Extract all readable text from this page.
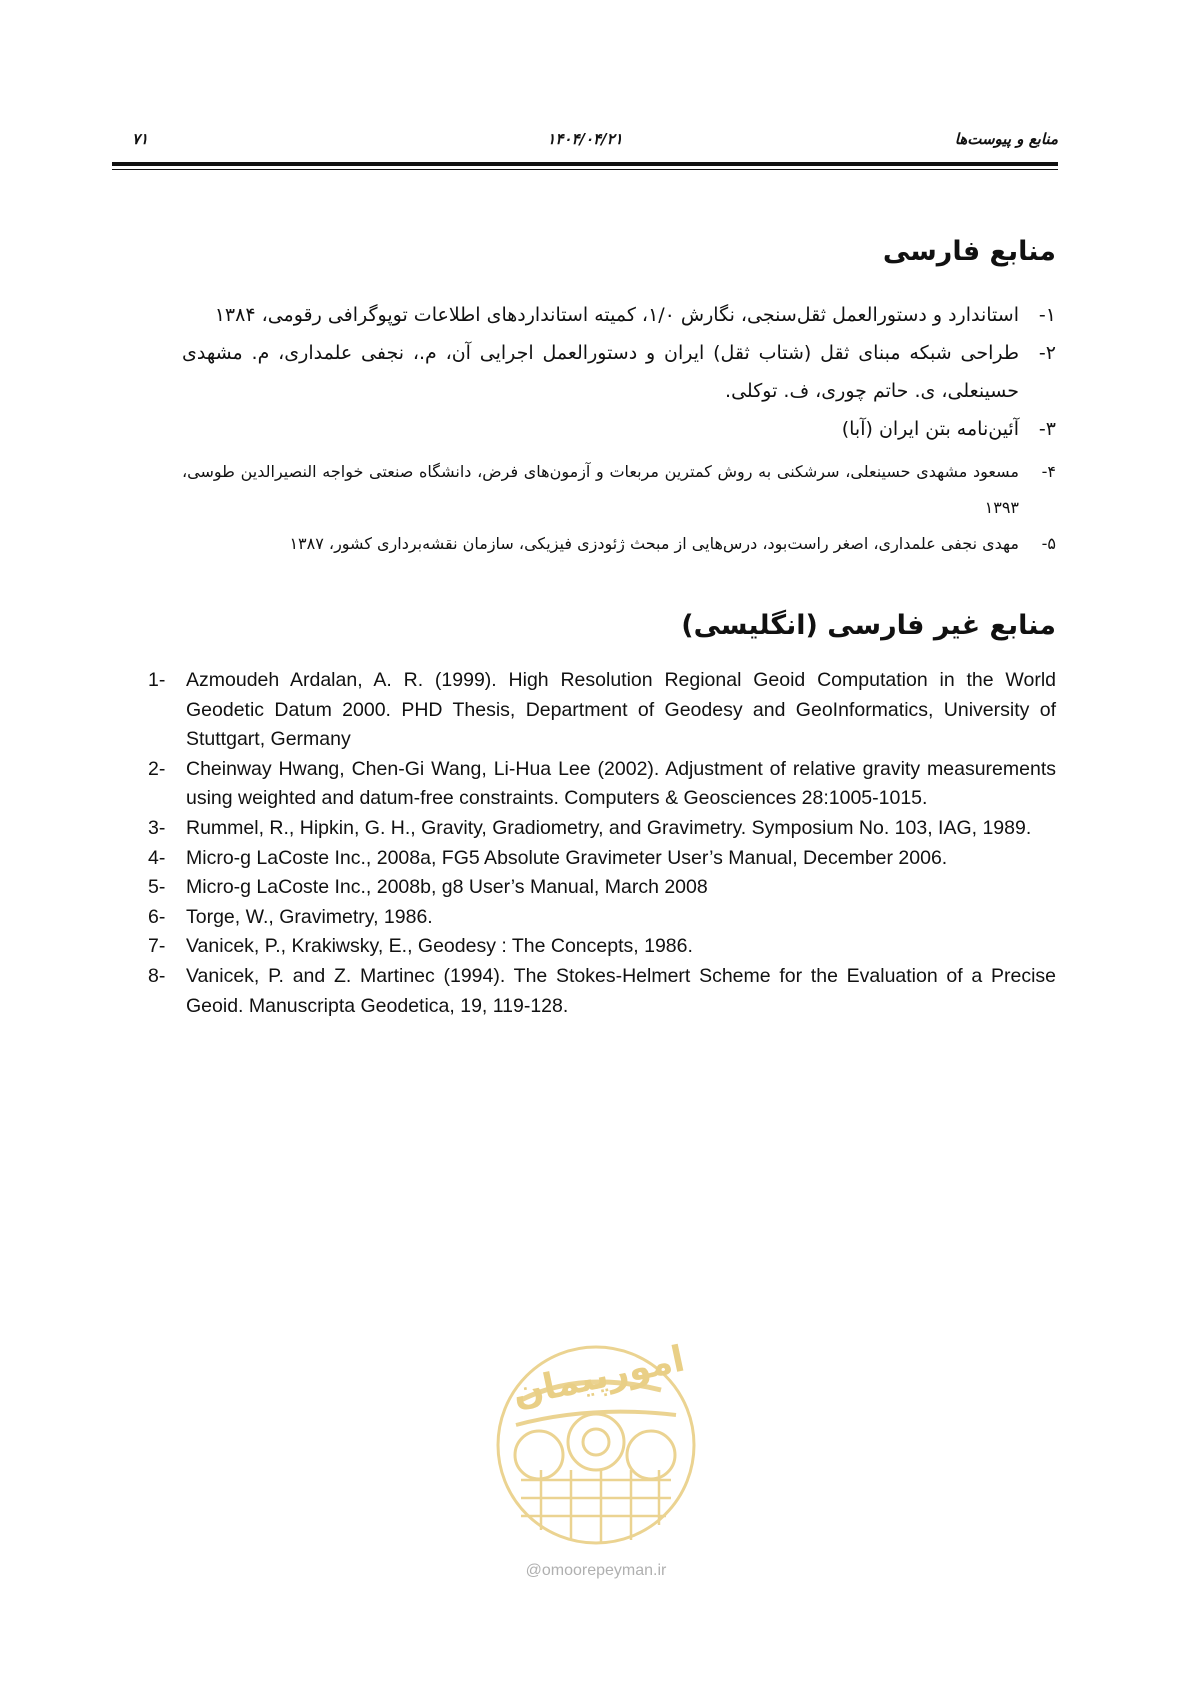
منابع و پیوست‌ها
۱۴۰۴/۰۴/۲۱
۷۱
منابع فارسی
۱-
استاندارد و دستورالعمل ثقل‌سنجی، نگارش ۱/۰، کمیته استانداردهای اطلاعات توپوگرافی رقومی، ۱۳۸۴
۲-
طراحی شبکه مبنای ثقل (شتاب ثقل) ایران و دستورالعمل اجرایی آن، م.، نجفی علمداری، م. مشهدی حسینعلی، ی. حاتم چوری، ف. توکلی.
۳-
آئین‌نامه بتن ایران (آبا)
۴-
مسعود مشهدی حسینعلی، سرشکنی به روش کمترین مربعات و آزمون‌های فرض، دانشگاه صنعتی خواجه النصیرالدین طوسی، ۱۳۹۳
۵-
مهدی نجفی علمداری، اصغر راست‌بود، درس‌هایی از مبحث ژئودزی فیزیکی، سازمان نقشه‌برداری کشور، ۱۳۸۷
منابع غیر فارسی (انگلیسی)
1- Azmoudeh Ardalan, A. R. (1999). High Resolution Regional Geoid Computation in the World Geodetic Datum 2000. PHD Thesis, Department of Geodesy and GeoInformatics, University of Stuttgart, Germany
2- Cheinway Hwang, Chen-Gi Wang, Li-Hua Lee (2002). Adjustment of relative gravity measurements using weighted and datum-free constraints. Computers & Geosciences 28:1005-1015.
3- Rummel, R., Hipkin, G. H., Gravity, Gradiometry, and Gravimetry. Symposium No. 103, IAG, 1989.
4- Micro-g LaCoste Inc., 2008a, FG5 Absolute Gravimeter User’s Manual, December 2006.
5- Micro-g LaCoste Inc., 2008b, g8 User’s Manual, March 2008
6- Torge, W., Gravimetry, 1986.
7- Vanicek, P., Krakiwsky, E., Geodesy : The Concepts, 1986.
8- Vanicek, P. and Z. Martinec (1994). The Stokes-Helmert Scheme for the Evaluation of a Precise Geoid. Manuscripta Geodetica, 19, 119-128.
امورپیمان
@omoorepeyman.ir
